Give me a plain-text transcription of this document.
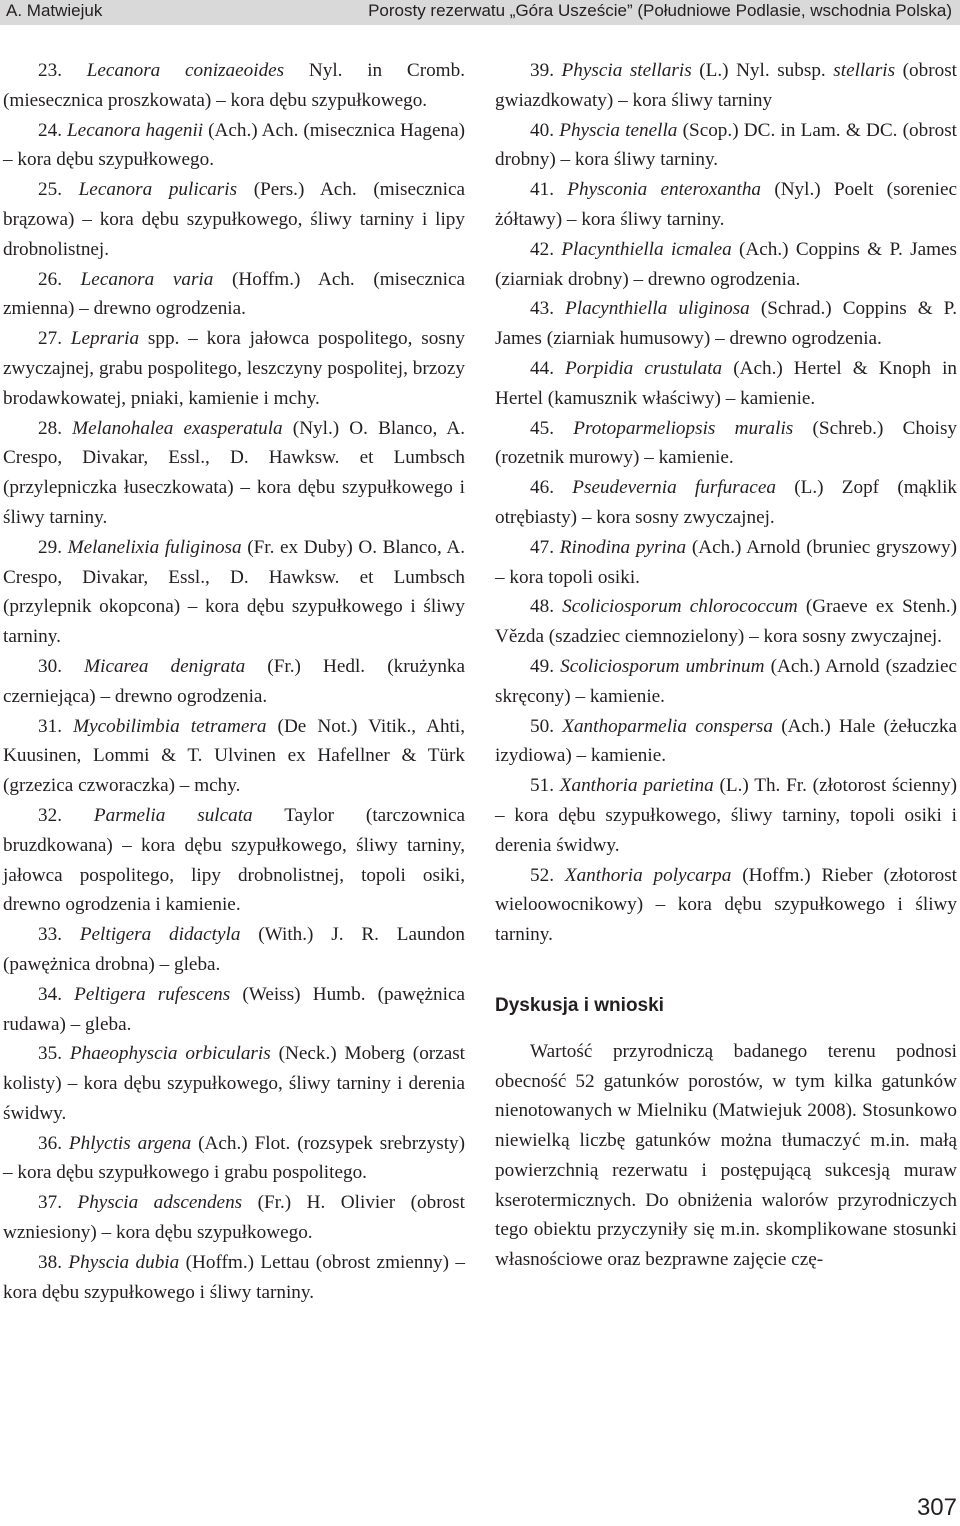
A. Matwiejuk	Porosty rezerwatu „Góra Uszeście” (Południowe Podlasie, wschodnia Polska)

23. Lecanora conizaeoides Nyl. in Cromb. (miesecznica proszkowata) – kora dębu szypułkowego.

24. Lecanora hagenii (Ach.) Ach. (misecznica Hagena) – kora dębu szypułkowego.

25. Lecanora pulicaris (Pers.) Ach. (misecznica brązowa) – kora dębu szypułkowego, śliwy tarniny i lipy drobnolistnej.

26. Lecanora varia (Hoffm.) Ach. (misecznica zmienna) – drewno ogrodzenia.

27. Lepraria spp. – kora jałowca pospolitego, sosny zwyczajnej, grabu pospolitego, leszczyny pospolitej, brzozy brodawkowatej, pniaki, kamienie i mchy.

28. Melanohalea exasperatula (Nyl.) O. Blanco, A. Crespo, Divakar, Essl., D. Hawksw. et Lumbsch (przylepniczka łuseczkowata) – kora dębu szypułkowego i śliwy tarniny.

29. Melanelixia fuliginosa (Fr. ex Duby) O. Blanco, A. Crespo, Divakar, Essl., D. Hawksw. et Lumbsch (przylepnik okopcona) – kora dębu szypułkowego i śliwy tarniny.

30. Micarea denigrata (Fr.) Hedl. (krużynka czerniejąca) – drewno ogrodzenia.

31. Mycobilimbia tetramera (De Not.) Vitik., Ahti, Kuusinen, Lommi & T. Ulvinen ex Hafellner & Türk (grzezica czworaczka) – mchy.

32. Parmelia sulcata Taylor (tarczownica bruzdkowana) – kora dębu szypułkowego, śliwy tarniny, jałowca pospolitego, lipy drobnolistnej, topoli osiki, drewno ogrodzenia i kamienie.

33. Peltigera didactyla (With.) J. R. Laundon (pawężnica drobna) – gleba.

34. Peltigera rufescens (Weiss) Humb. (pawężnica rudawa) – gleba.

35. Phaeophyscia orbicularis (Neck.) Moberg (orzast kolisty) – kora dębu szypułkowego, śliwy tarniny i derenia świdwy.

36. Phlyctis argena (Ach.) Flot. (rozsypek srebrzysty) – kora dębu szypułkowego i grabu pospolitego.

37. Physcia adscendens (Fr.) H. Olivier (obrost wzniesiony) – kora dębu szypułkowego.

38. Physcia dubia (Hoffm.) Lettau (obrost zmienny) – kora dębu szypułkowego i śliwy tarniny.

39. Physcia stellaris (L.) Nyl. subsp. stellaris (obrost gwiazdkowaty) – kora śliwy tarniny

40. Physcia tenella (Scop.) DC. in Lam. & DC. (obrost drobny) – kora śliwy tarniny.

41. Physconia enteroxantha (Nyl.) Poelt (soreniec żółtawy) – kora śliwy tarniny.

42. Placynthiella icmalea (Ach.) Coppins & P. James (ziarniak drobny) – drewno ogrodzenia.

43. Placynthiella uliginosa (Schrad.) Coppins & P. James (ziarniak humusowy) – drewno ogrodzenia.

44. Porpidia crustulata (Ach.) Hertel & Knoph in Hertel (kamusznik właściwy) – kamienie.

45. Protoparmeliopsis muralis (Schreb.) Choisy (rozetnik murowy) – kamienie.

46. Pseudevernia furfuracea (L.) Zopf (mąklik otrębiasty) – kora sosny zwyczajnej.

47. Rinodina pyrina (Ach.) Arnold (bruniec gryszowy) – kora topoli osiki.

48. Scoliciosporum chlorococcum (Graeve ex Stenh.) Vězda (szadziec ciemnozielony) – kora sosny zwyczajnej.

49. Scoliciosporum umbrinum (Ach.) Arnold (szadziec skręcony) – kamienie.

50. Xanthoparmelia conspersa (Ach.) Hale (żełuczka izydiowa) – kamienie.

51. Xanthoria parietina (L.) Th. Fr. (złotorost ścienny) – kora dębu szypułkowego, śliwy tarniny, topoli osiki i derenia świdwy.

52. Xanthoria polycarpa (Hoffm.) Rieber (złotorost wieloowocnikowy) – kora dębu szypułkowego i śliwy tarniny.

Dyskusja i wnioski

Wartość przyrodniczą badanego terenu podnosi obecność 52 gatunków porostów, w tym kilka gatunków nienotowanych w Mielniku (Matwiejuk 2008). Stosunkowo niewielką liczbę gatunków można tłumaczyć m.in. małą powierzchnią rezerwatu i postępującą sukcesją muraw kserotermicznych. Do obniżenia walorów przyrodniczych tego obiektu przyczyniły się m.in. skomplikowane stosunki własnościowe oraz bezprawne zajęcie czę-

307
